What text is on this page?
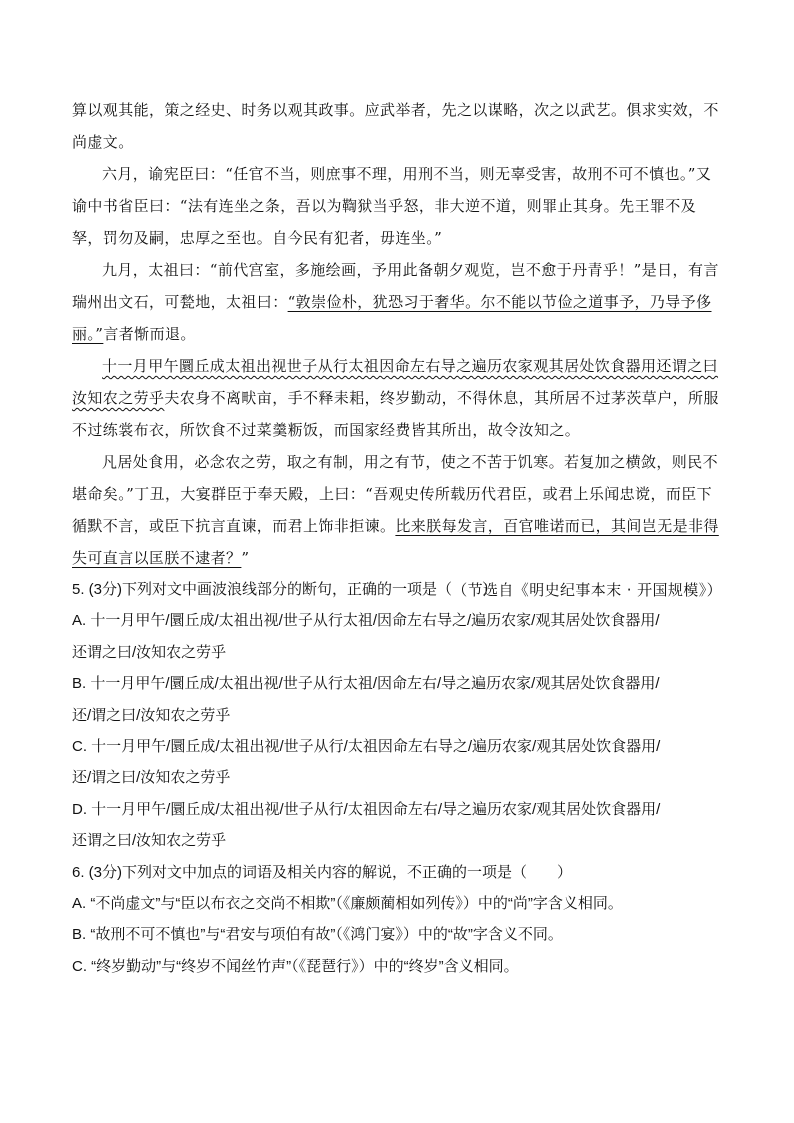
算以观其能，策之经史、时务以观其政事。应武举者，先之以谋略，次之以武艺。俱求实效，不尚虚文。

六月，谕宪臣曰：“任官不当，则庶事不理，用刑不当，则无辜受害，故刑不可不慎也。”又谕中书省臣曰：“法有连坐之条，吾以为鞫狱当乎怒，非大逆不道，则罪止其身。先王罪不及孥，罚勿及嗣，忠厚之至也。自今民有犯者，毋连坐。”

九月，太祖曰：“前代宫室，多施绘画，予用此备朝夕观览，岂不愈于丹青乎！”是日，有言瑞州出文石，可甃地，太祖曰：“敦崇俭朴，犹恐习于奢华。尔不能以节俭之道事予，乃导予侈丽。”言者惭而退。

十一月甲午圜丘成太祖出视世子从行太祖因命左右导之遍历农家观其居处饮食器用还谓之曰汝知农之劳乎夫农身不离畎亩，手不释耒耜，终岁勤动，不得休息，其所居不过茅茨草户，所服不过练裳布衣，所饮食不过菜羹粝饭，而国家经费皆其所出，故令汝知之。

凡居处食用，必念农之劳，取之有制，用之有节，使之不苦于饥寒。若复加之横敛，则民不堪命矣。”丁丑，大宴群臣于奉天殿，上曰：“吾观史传所载历代君臣，或君上乐闻忠谠，而臣下循默不言，或臣下抗言直谏，而君上饰非拒谏。比来朕每发言，百官唯诺而已，其间岂无是非得失可直言以匡朕不逮者？”

（节选自《明史纪事本末 · 开国规模》）

5. (3分)下列对文中画波浪线部分的断句，正确的一项是（　　）

A. 十一月甲午/圜丘成/太祖出视/世子从行太祖/因命左右导之/遍历农家/观其居处饮食器用/

还谓之曰/汝知农之劳乎

B. 十一月甲午/圜丘成/太祖出视/世子从行太祖/因命左右/导之遍历农家/观其居处饮食器用/

还/谓之曰/汝知农之劳乎

C. 十一月甲午/圜丘成/太祖出视/世子从行/太祖因命左右导之/遍历农家/观其居处饮食器用/

还/谓之曰/汝知农之劳乎

D. 十一月甲午/圜丘成/太祖出视/世子从行/太祖因命左右/导之遍历农家/观其居处饮食器用/

还谓之曰/汝知农之劳乎

6. (3分)下列对文中加点的词语及相关内容的解说，不正确的一项是（　　）

A. “不尚虚文”与“臣以布衣之交尚不相欺”（《廉颇蔺相如列传》）中的“尚”字含义相同。

B. “故刑不可不慎也”与“君安与项伯有故”（《鸿门宴》）中的“故”字含义不同。

C. “终岁勤动”与“终岁不闻丝竹声”（《琵琶行》）中的“终岁”含义相同。
